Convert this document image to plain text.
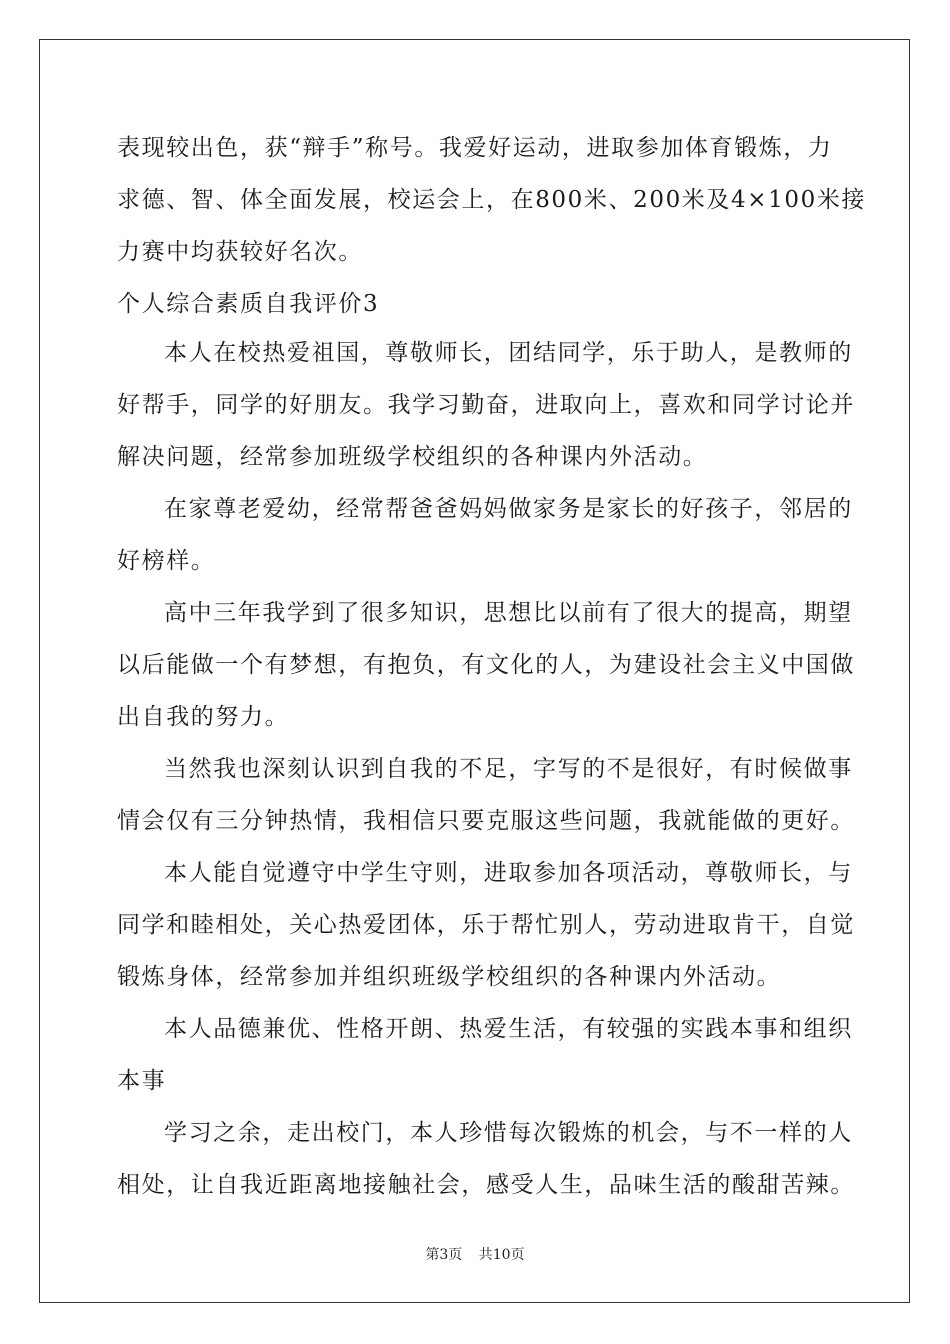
表现较出色，获“辩手”称号。我爱好运动，进取参加体育锻炼，力
求德、智、体全面发展，校运会上，在800米、200米及4×100米接
力赛中均获较好名次。
个人综合素质自我评价3
本人在校热爱祖国，尊敬师长，团结同学，乐于助人，是教师的
好帮手，同学的好朋友。我学习勤奋，进取向上，喜欢和同学讨论并
解决问题，经常参加班级学校组织的各种课内外活动。
在家尊老爱幼，经常帮爸爸妈妈做家务是家长的好孩子，邻居的
好榜样。
高中三年我学到了很多知识，思想比以前有了很大的提高，期望
以后能做一个有梦想，有抱负，有文化的人，为建设社会主义中国做
出自我的努力。
当然我也深刻认识到自我的不足，字写的不是很好，有时候做事
情会仅有三分钟热情，我相信只要克服这些问题，我就能做的更好。
本人能自觉遵守中学生守则，进取参加各项活动，尊敬师长，与
同学和睦相处，关心热爱团体，乐于帮忙别人，劳动进取肯干，自觉
锻炼身体，经常参加并组织班级学校组织的各种课内外活动。
本人品德兼优、性格开朗、热爱生活，有较强的实践本事和组织
本事
学习之余，走出校门，本人珍惜每次锻炼的机会，与不一样的人
相处，让自我近距离地接触社会，感受人生，品味生活的酸甜苦辣。
第3页 共10页
